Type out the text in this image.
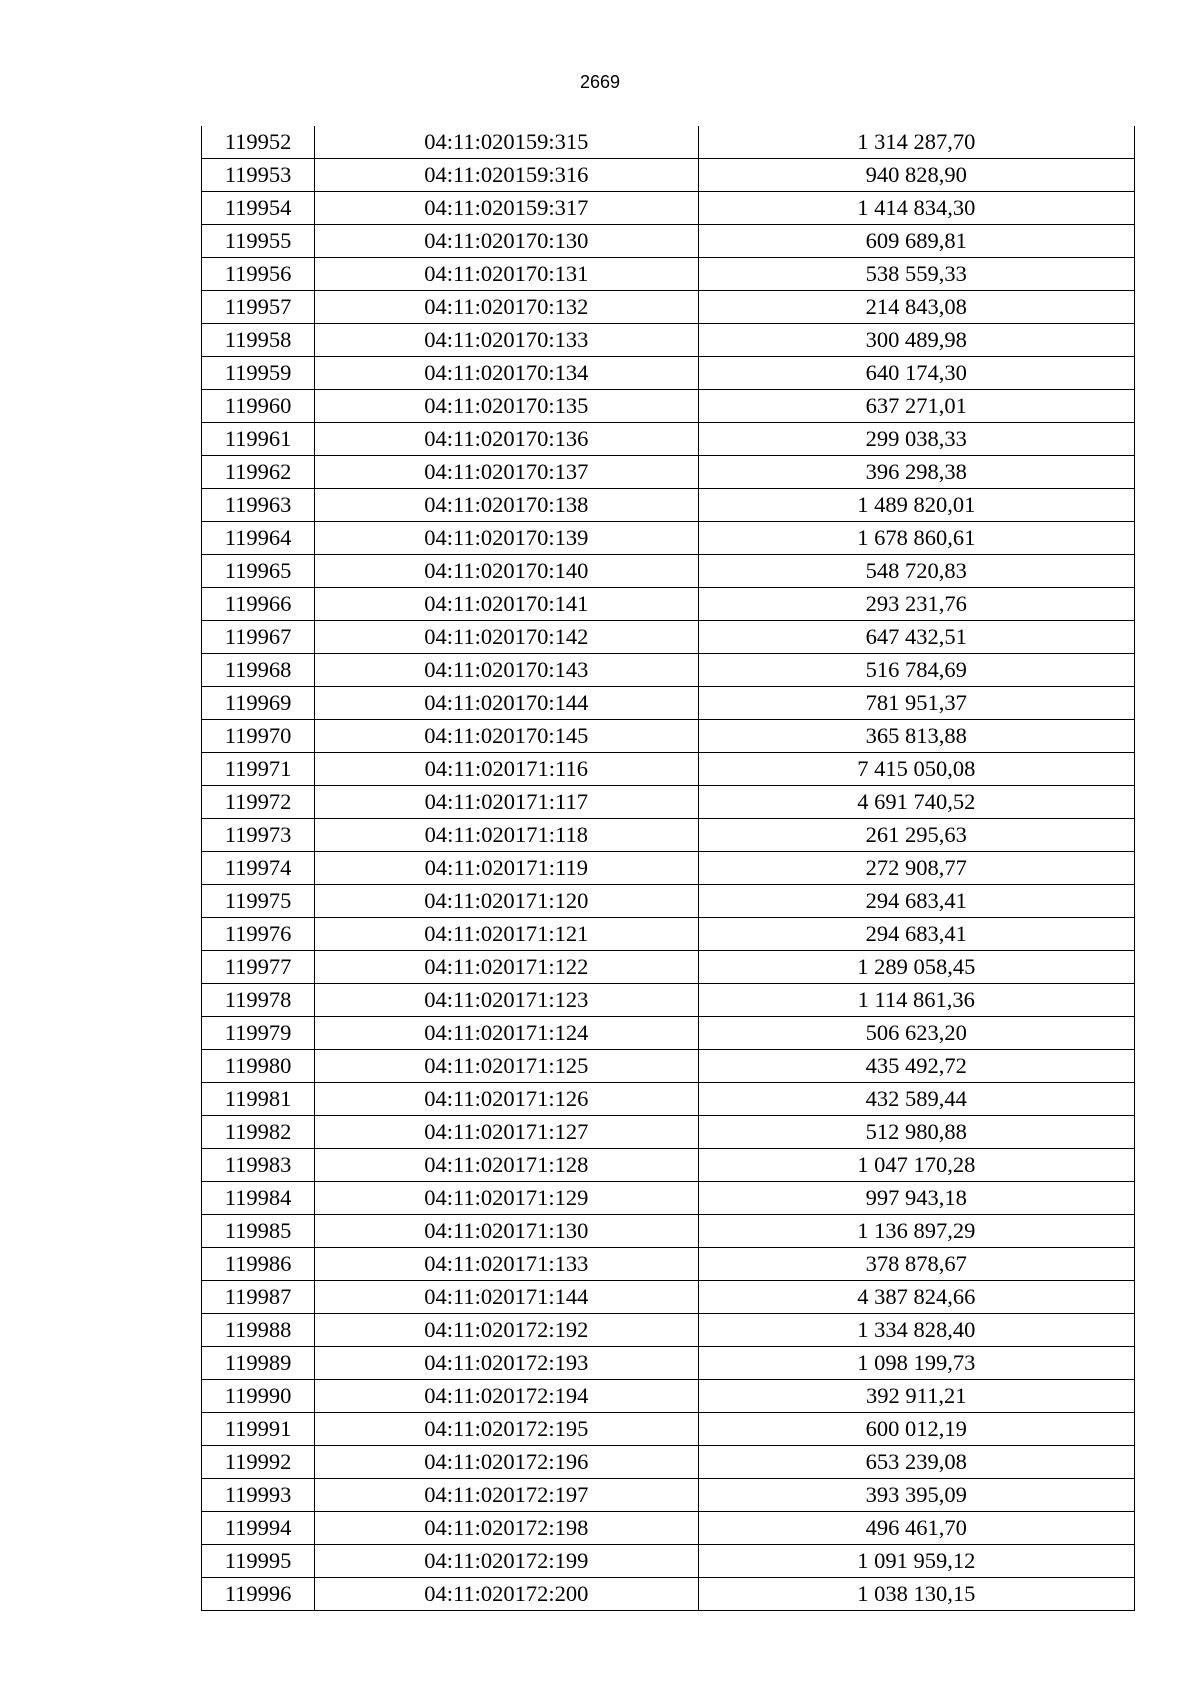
2669
119952	04:11:020159:315	1 314 287,70
119953	04:11:020159:316	940 828,90
119954	04:11:020159:317	1 414 834,30
119955	04:11:020170:130	609 689,81
119956	04:11:020170:131	538 559,33
119957	04:11:020170:132	214 843,08
119958	04:11:020170:133	300 489,98
119959	04:11:020170:134	640 174,30
119960	04:11:020170:135	637 271,01
119961	04:11:020170:136	299 038,33
119962	04:11:020170:137	396 298,38
119963	04:11:020170:138	1 489 820,01
119964	04:11:020170:139	1 678 860,61
119965	04:11:020170:140	548 720,83
119966	04:11:020170:141	293 231,76
119967	04:11:020170:142	647 432,51
119968	04:11:020170:143	516 784,69
119969	04:11:020170:144	781 951,37
119970	04:11:020170:145	365 813,88
119971	04:11:020171:116	7 415 050,08
119972	04:11:020171:117	4 691 740,52
119973	04:11:020171:118	261 295,63
119974	04:11:020171:119	272 908,77
119975	04:11:020171:120	294 683,41
119976	04:11:020171:121	294 683,41
119977	04:11:020171:122	1 289 058,45
119978	04:11:020171:123	1 114 861,36
119979	04:11:020171:124	506 623,20
119980	04:11:020171:125	435 492,72
119981	04:11:020171:126	432 589,44
119982	04:11:020171:127	512 980,88
119983	04:11:020171:128	1 047 170,28
119984	04:11:020171:129	997 943,18
119985	04:11:020171:130	1 136 897,29
119986	04:11:020171:133	378 878,67
119987	04:11:020171:144	4 387 824,66
119988	04:11:020172:192	1 334 828,40
119989	04:11:020172:193	1 098 199,73
119990	04:11:020172:194	392 911,21
119991	04:11:020172:195	600 012,19
119992	04:11:020172:196	653 239,08
119993	04:11:020172:197	393 395,09
119994	04:11:020172:198	496 461,70
119995	04:11:020172:199	1 091 959,12
119996	04:11:020172:200	1 038 130,15
